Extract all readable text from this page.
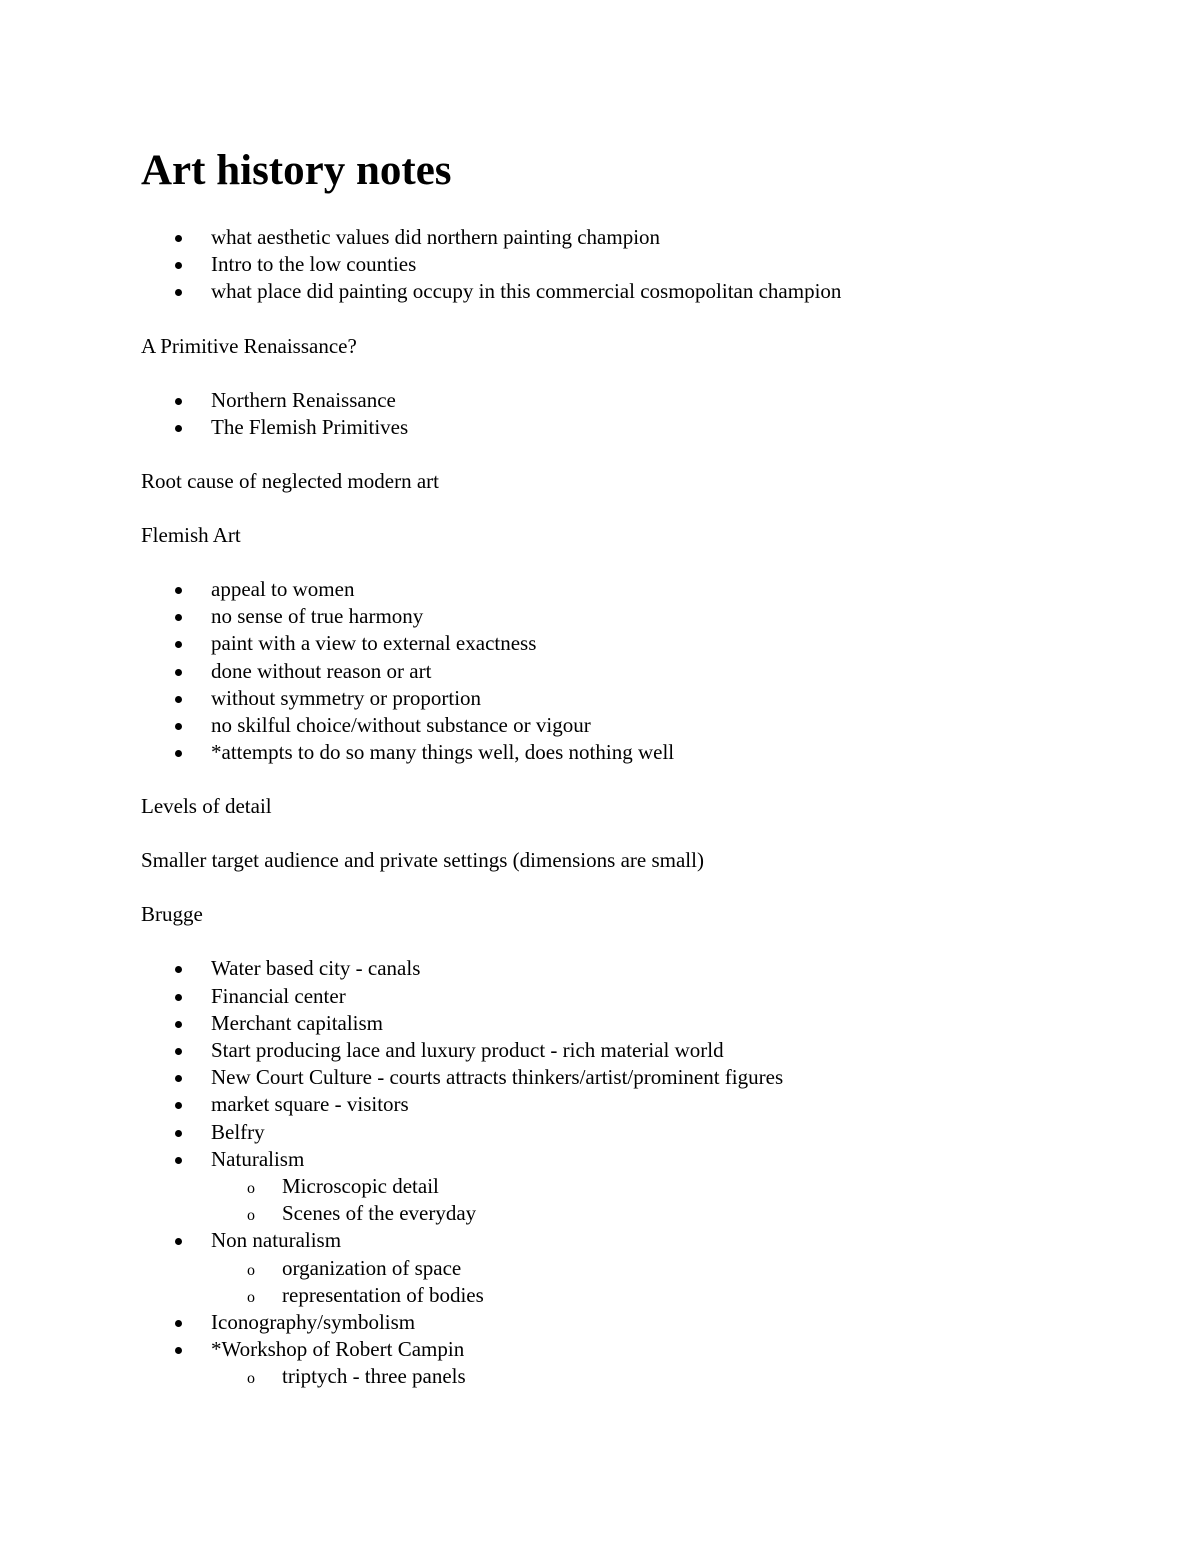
Art history notes
what aesthetic values did northern painting champion
Intro to the low counties
what place did painting occupy in this commercial cosmopolitan champion
A Primitive Renaissance?
Northern Renaissance
The Flemish Primitives
Root cause of neglected modern art
Flemish Art
appeal to women
no sense of true harmony
paint with a view to external exactness
done without reason or art
without symmetry or proportion
no skilful choice/without substance or vigour
*attempts to do so many things well, does nothing well
Levels of detail
Smaller target audience and private settings (dimensions are small)
Brugge
Water based city - canals
Financial center
Merchant capitalism
Start producing lace and luxury product - rich material world
New Court Culture - courts attracts thinkers/artist/prominent figures
market square - visitors
Belfry
Naturalism
o Microscopic detail
o Scenes of the everyday
Non naturalism
o organization of space
o representation of bodies
Iconography/symbolism
*Workshop of Robert Campin
o triptych - three panels
